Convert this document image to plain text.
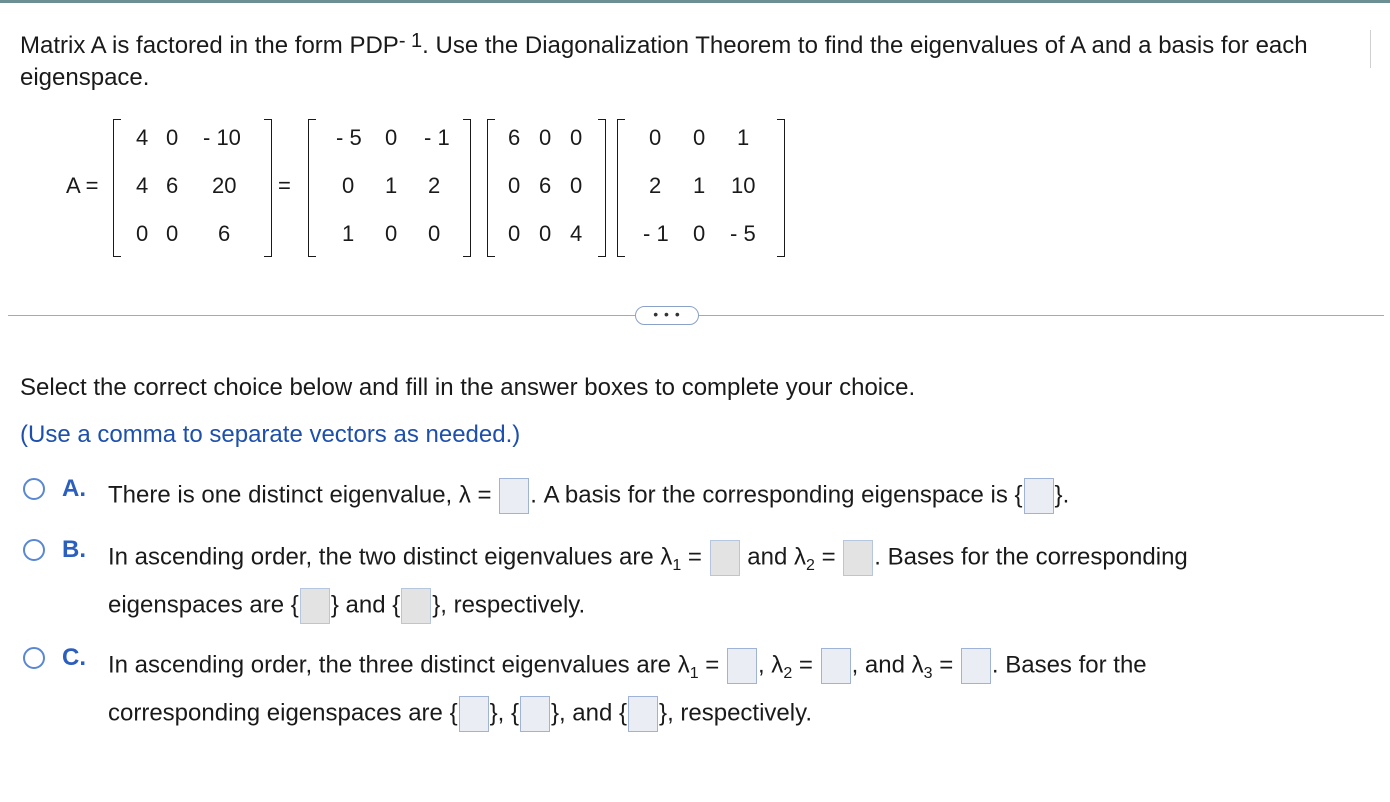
Matrix A is factored in the form $PDP^{- 1}$. Use the Diagonalization Theorem to find the eigenvalues of A and a basis for each eigenspace.
A =	=
4 0 - 10
4 6 20
0 0 6
- 5 0 - 1
0 1 2
1 0 0
6 0 0
0 6 0
0 0 4
0 0 1
2 1 10
- 1 0 - 5
• • •
Select the correct choice below and fill in the answer boxes to complete your choice.
(Use a comma to separate vectors as needed.)
A. There is one distinct eigenvalue, λ = . A basis for the corresponding eigenspace is { }.
B. In ascending order, the two distinct eigenvalues are $\lambda_1$ = and $\lambda_2$ = . Bases for the corresponding
eigenspaces are { } and { }, respectively.
C. In ascending order, the three distinct eigenvalues are $\lambda_1$ = , $\lambda_2$ = , and $\lambda_3$ = . Bases for the
corresponding eigenspaces are { }, { }, and { }, respectively.
